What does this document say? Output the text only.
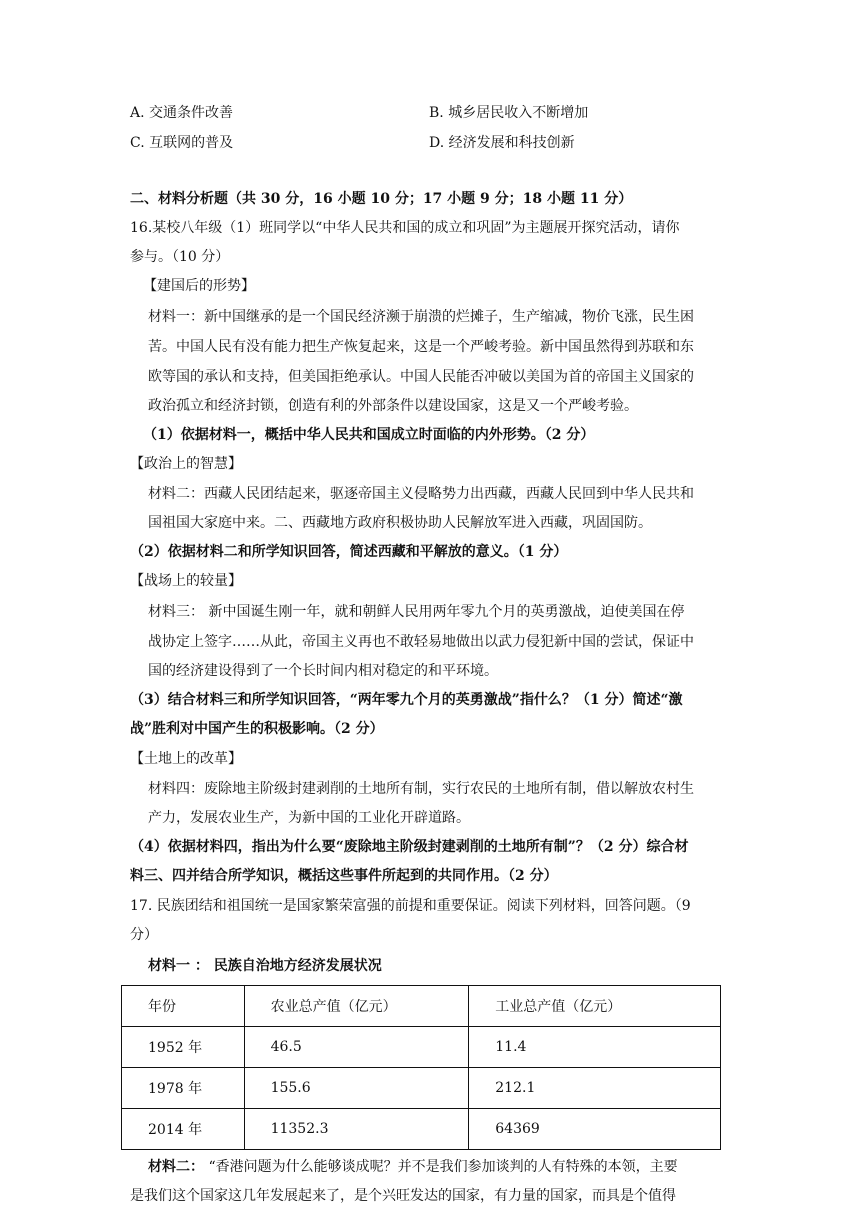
A. 交通条件改善	B. 城乡居民收入不断增加
C. 互联网的普及	D. 经济发展和科技创新
二、材料分析题（共 30 分，16 小题 10 分；17 小题 9 分；18 小题 11 分）
16.某校八年级（1）班同学以“中华人民共和国的成立和巩固”为主题展开探究活动，请你
参与。（10 分）
【建国后的形势】
材料一：新中国继承的是一个国民经济濒于崩溃的烂摊子，生产缩减，物价飞涨，民生困
苦。中国人民有没有能力把生产恢复起来，这是一个严峻考验。新中国虽然得到苏联和东
欧等国的承认和支持，但美国拒绝承认。中国人民能否冲破以美国为首的帝国主义国家的
政治孤立和经济封锁，创造有利的外部条件以建设国家，这是又一个严峻考验。
（1）依据材料一，概括中华人民共和国成立时面临的内外形势。（2 分）
【政治上的智慧】
材料二：西藏人民团结起来，驱逐帝国主义侵略势力出西藏，西藏人民回到中华人民共和
国祖国大家庭中来。二、西藏地方政府积极协助人民解放军进入西藏，巩固国防。
（2）依据材料二和所学知识回答，简述西藏和平解放的意义。（1 分）
【战场上的较量】
材料三： 新中国诞生刚一年，就和朝鲜人民用两年零九个月的英勇激战，迫使美国在停
战协定上签字……从此，帝国主义再也不敢轻易地做出以武力侵犯新中国的尝试，保证中
国的经济建设得到了一个长时间内相对稳定的和平环境。
（3）结合材料三和所学知识回答，“两年零九个月的英勇激战”指什么？（1 分）简述“激
战”胜利对中国产生的积极影响。（2 分）
【土地上的改革】
材料四：废除地主阶级封建剥削的土地所有制，实行农民的土地所有制，借以解放农村生
产力，发展农业生产，为新中国的工业化开辟道路。
（4）依据材料四，指出为什么要“废除地主阶级封建剥削的土地所有制”？（2 分）综合材
料三、四并结合所学知识，概括这些事件所起到的共同作用。（2 分）
17. 民族团结和祖国统一是国家繁荣富强的前提和重要保证。阅读下列材料，回答问题。（9
分）
材料一 ： 民族自治地方经济发展状况
年份	农业总产值（亿元）	工业总产值（亿元）
1952 年	46.5	11.4
1978 年	155.6	212.1
2014 年	11352.3	64369
材料二： “香港问题为什么能够谈成呢？并不是我们参加谈判的人有特殊的本领，主要
是我们这个国家这几年发展起来了，是个兴旺发达的国家，有力量的国家，而具是个值得
